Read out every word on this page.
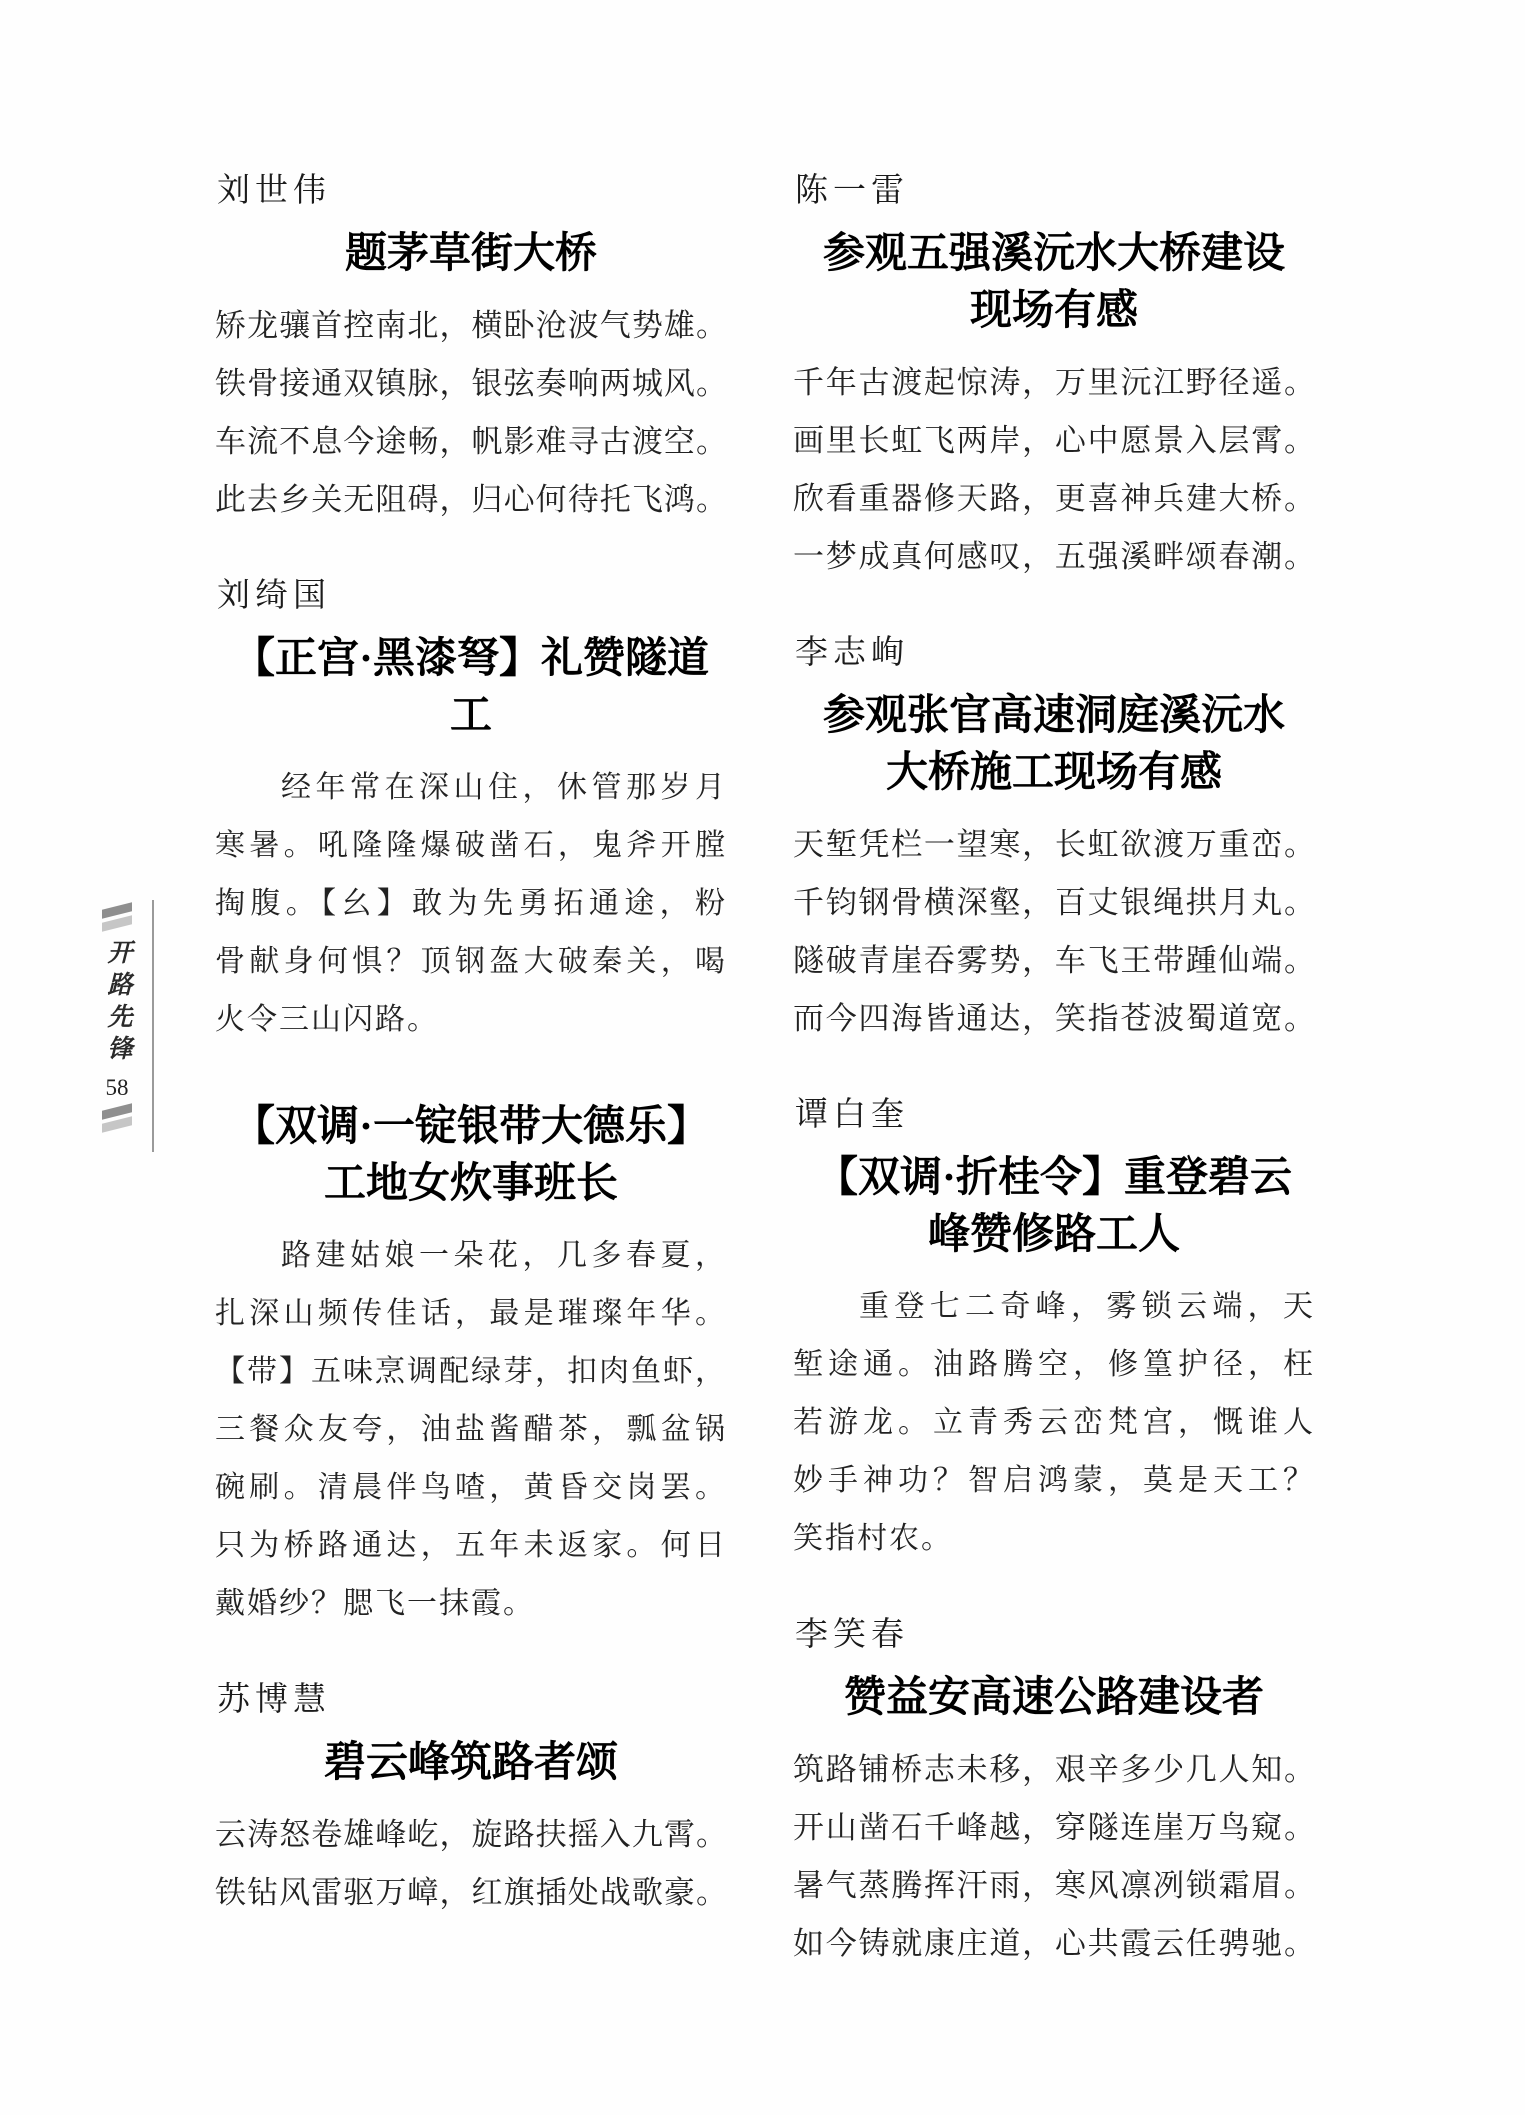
开路先锋
58
刘世伟
题茅草街大桥
矫龙骧首控南北，横卧沧波气势雄。
铁骨接通双镇脉，银弦奏响两城风。
车流不息今途畅，帆影难寻古渡空。
此去乡关无阻碍，归心何待托飞鸿。
刘绮国
【正宫·黑漆弩】礼赞隧道工
经年常在深山住，休管那岁月
寒暑。吼隆隆爆破凿石，鬼斧开膛
掏腹。【幺】敢为先勇拓通途，粉
骨献身何惧？顶钢盔大破秦关，喝
火令三山闪路。
【双调·一锭银带大德乐】
工地女炊事班长
路建姑娘一朵花，几多春夏，
扎深山频传佳话，最是璀璨年华。
【带】五味烹调配绿芽，扣肉鱼虾，
三餐众友夸，油盐酱醋茶，瓢盆锅
碗刷。清晨伴鸟喳，黄昏交岗罢。
只为桥路通达，五年未返家。何日
戴婚纱？腮飞一抹霞。
苏博慧
碧云峰筑路者颂
云涛怒卷雄峰屹，旋路扶摇入九霄。
铁钻风雷驱万嶂，红旗插处战歌豪。
陈一雷
参观五强溪沅水大桥建设
现场有感
千年古渡起惊涛，万里沅江野径遥。
画里长虹飞两岸，心中愿景入层霄。
欣看重器修天路，更喜神兵建大桥。
一梦成真何感叹，五强溪畔颂春潮。
李志峋
参观张官高速洞庭溪沅水
大桥施工现场有感
天堑凭栏一望寒，长虹欲渡万重峦。
千钧钢骨横深壑，百丈银绳拱月丸。
隧破青崖吞雾势，车飞王带踵仙端。
而今四海皆通达，笑指苍波蜀道宽。
谭白奎
【双调·折桂令】重登碧云
峰赞修路工人
重登七二奇峰，雾锁云端，天
堑途通。油路腾空，修篁护径，枉
若游龙。立青秀云峦梵宫，慨谁人
妙手神功？智启鸿蒙，莫是天工？
笑指村农。
李笑春
赞益安高速公路建设者
筑路铺桥志未移，艰辛多少几人知。
开山凿石千峰越，穿隧连崖万鸟窥。
暑气蒸腾挥汗雨，寒风凛冽锁霜眉。
如今铸就康庄道，心共霞云任骋驰。
